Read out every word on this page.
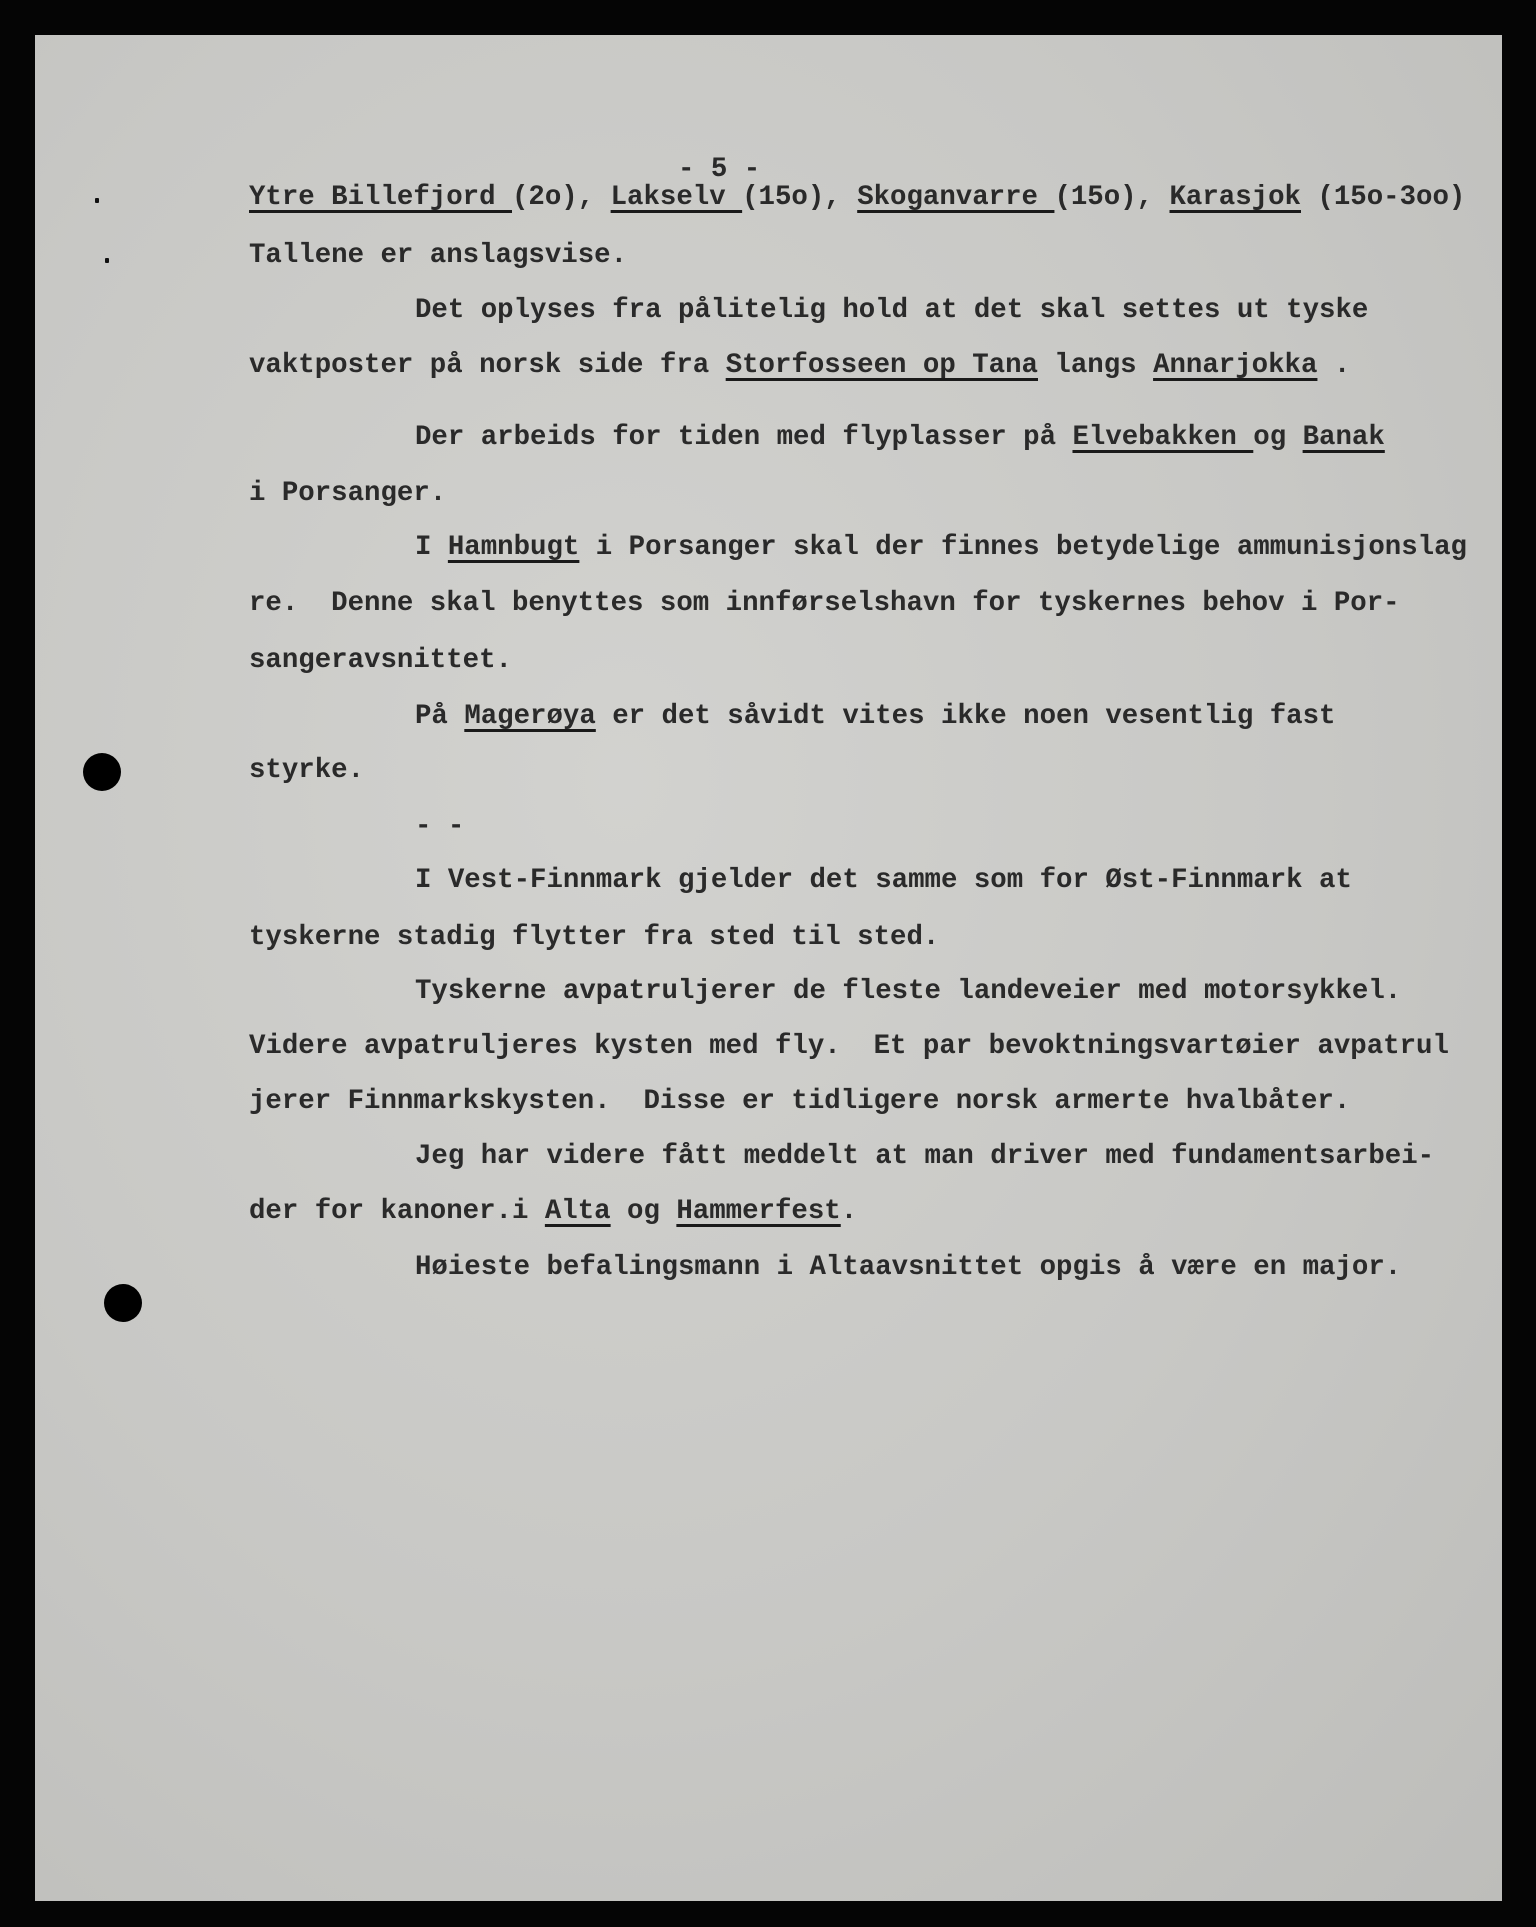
- 5 -
Ytre Billefjord (2o), Lakselv (15o), Skoganvarre (15o), Karasjok (15o-3oo)
Tallene er anslagsvise.
Det oplyses fra pålitelig hold at det skal settes ut tyske
vaktposter på norsk side fra Storfosseen op Tana langs Annarjokka .
Der arbeids for tiden med flyplasser på Elvebakken og Banak
i Porsanger.
I Hamnbugt i Porsanger skal der finnes betydelige ammunisjonslag
re.  Denne skal benyttes som innførselshavn for tyskernes behov i Por-
sangeravsnittet.
På Magerøya er det såvidt vites ikke noen vesentlig fast
styrke.
- -
I Vest-Finnmark gjelder det samme som for Øst-Finnmark at
tyskerne stadig flytter fra sted til sted.
Tyskerne avpatruljerer de fleste landeveier med motorsykkel.
Videre avpatruljeres kysten med fly.  Et par bevoktningsvartøier avpatrul
jerer Finnmarkskysten.  Disse er tidligere norsk armerte hvalbåter.
Jeg har videre fått meddelt at man driver med fundamentsarbei-
der for kanoner.i Alta og Hammerfest.
Høieste befalingsmann i Altaavsnittet opgis å være en major.
